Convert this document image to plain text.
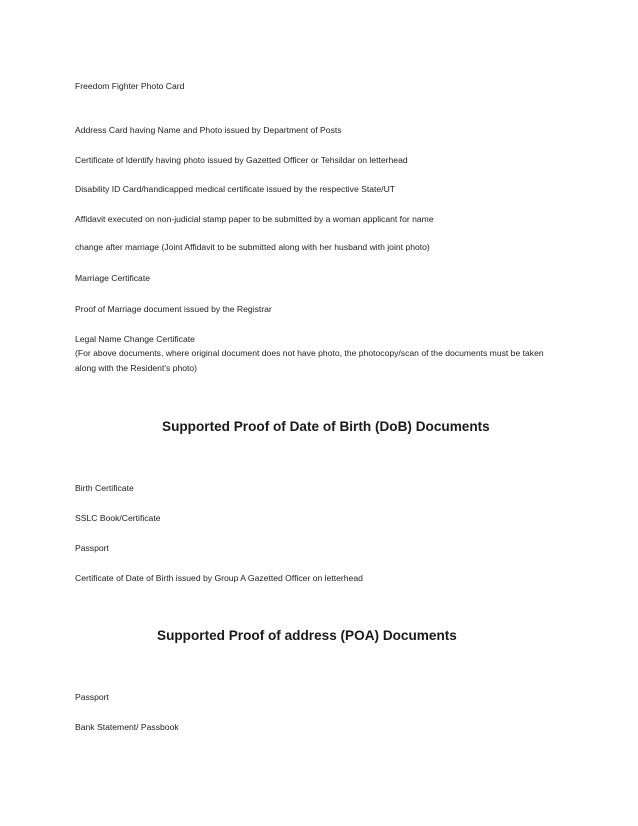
Freedom Fighter Photo Card
Address Card having Name and Photo issued by Department of Posts
Certificate of Identify having photo issued by Gazetted Officer or Tehsildar on letterhead
Disability ID Card/handicapped medical certificate issued by the respective State/UT
Affidavit executed on non-judicial stamp paper to be submitted by a woman applicant for name
change after marriage (Joint Affidavit to be submitted along with her husband with joint photo)
Marriage Certificate
Proof of Marriage document issued by the Registrar
Legal Name Change Certificate
(For above documents, where original document does not have photo, the photocopy/scan of the documents must be taken
along with the Resident's photo)
Supported Proof of Date of Birth (DoB) Documents
Birth Certificate
SSLC Book/Certificate
Passport
Certificate of Date of Birth issued by Group A Gazetted Officer on letterhead
Supported Proof of address (POA) Documents
Passport
Bank Statement/ Passbook
